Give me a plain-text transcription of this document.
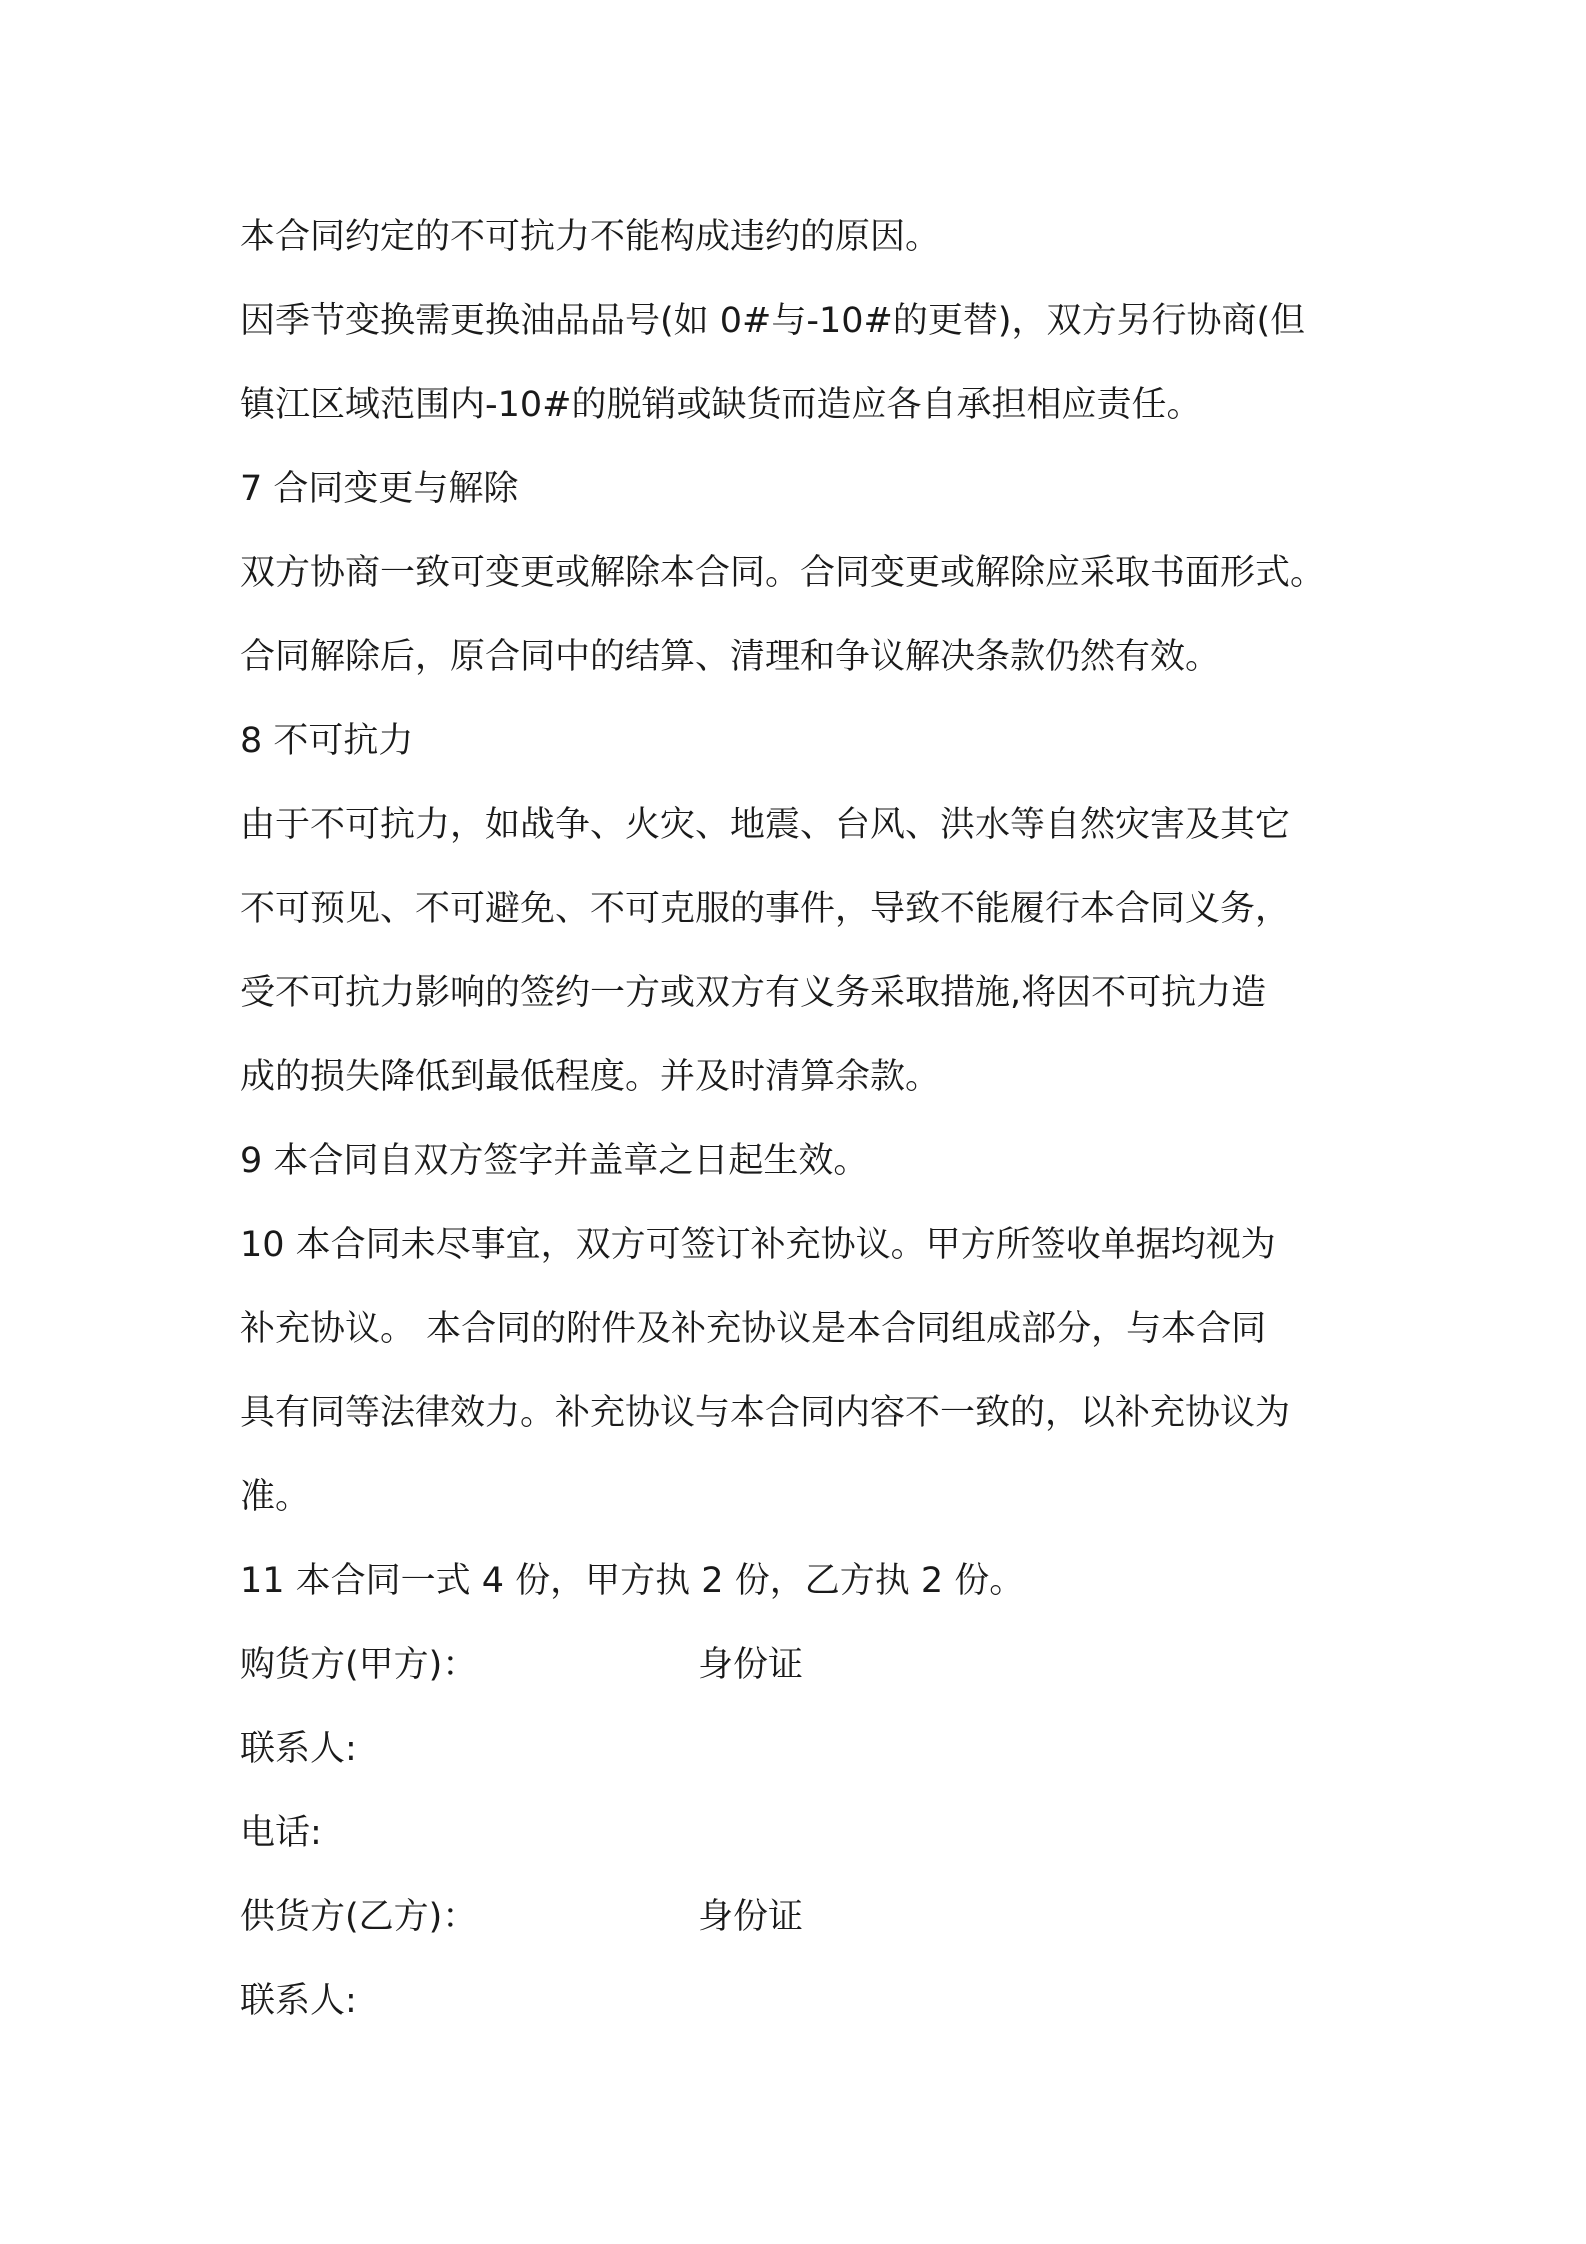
本合同约定的不可抗力不能构成违约的原因。
因季节变换需更换油品品号(如 0#与-10#的更替)，双方另行协商(但
镇江区域范围内-10#的脱销或缺货而造应各自承担相应责任。
7 合同变更与解除
双方协商一致可变更或解除本合同。合同变更或解除应采取书面形式。
合同解除后，原合同中的结算、清理和争议解决条款仍然有效。
8 不可抗力
由于不可抗力，如战争、火灾、地震、台风、洪水等自然灾害及其它
不可预见、不可避免、不可克服的事件，导致不能履行本合同义务，
受不可抗力影响的签约一方或双方有义务采取措施,将因不可抗力造
成的损失降低到最低程度。并及时清算余款。
9 本合同自双方签字并盖章之日起生效。
10 本合同未尽事宜，双方可签订补充协议。甲方所签收单据均视为
补充协议。 本合同的附件及补充协议是本合同组成部分，与本合同
具有同等法律效力。补充协议与本合同内容不一致的，以补充协议为
准。
11 本合同一式 4 份，甲方执 2 份，乙方执 2 份。
购货方(甲方)：	身份证
联系人:
电话:
供货方(乙方)：	身份证
联系人:
